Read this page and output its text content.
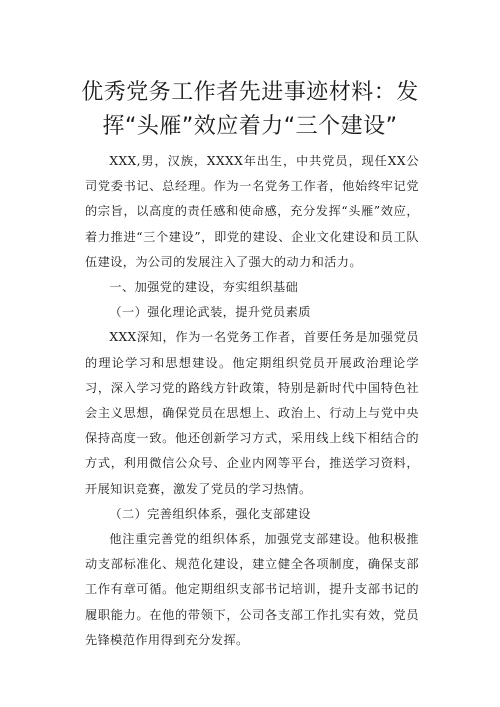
优秀党务工作者先进事迹材料：发挥“头雁”效应着力“三个建设”

XXX,男，汉族，XXXX年出生，中共党员，现任XX公司党委书记、总经理。作为一名党务工作者，他始终牢记党的宗旨，以高度的责任感和使命感，充分发挥“头雁”效应，着力推进“三个建设”，即党的建设、企业文化建设和员工队伍建设，为公司的发展注入了强大的动力和活力。

一、加强党的建设，夯实组织基础

（一）强化理论武装，提升党员素质

XXX深知，作为一名党务工作者，首要任务是加强党员的理论学习和思想建设。他定期组织党员开展政治理论学习，深入学习党的路线方针政策，特别是新时代中国特色社会主义思想，确保党员在思想上、政治上、行动上与党中央保持高度一致。他还创新学习方式，采用线上线下相结合的方式，利用微信公众号、企业内网等平台，推送学习资料，开展知识竞赛，激发了党员的学习热情。

（二）完善组织体系，强化支部建设

他注重完善党的组织体系，加强党支部建设。他积极推动支部标准化、规范化建设，建立健全各项制度，确保支部工作有章可循。他定期组织支部书记培训，提升支部书记的履职能力。在他的带领下，公司各支部工作扎实有效，党员先锋模范作用得到充分发挥。
